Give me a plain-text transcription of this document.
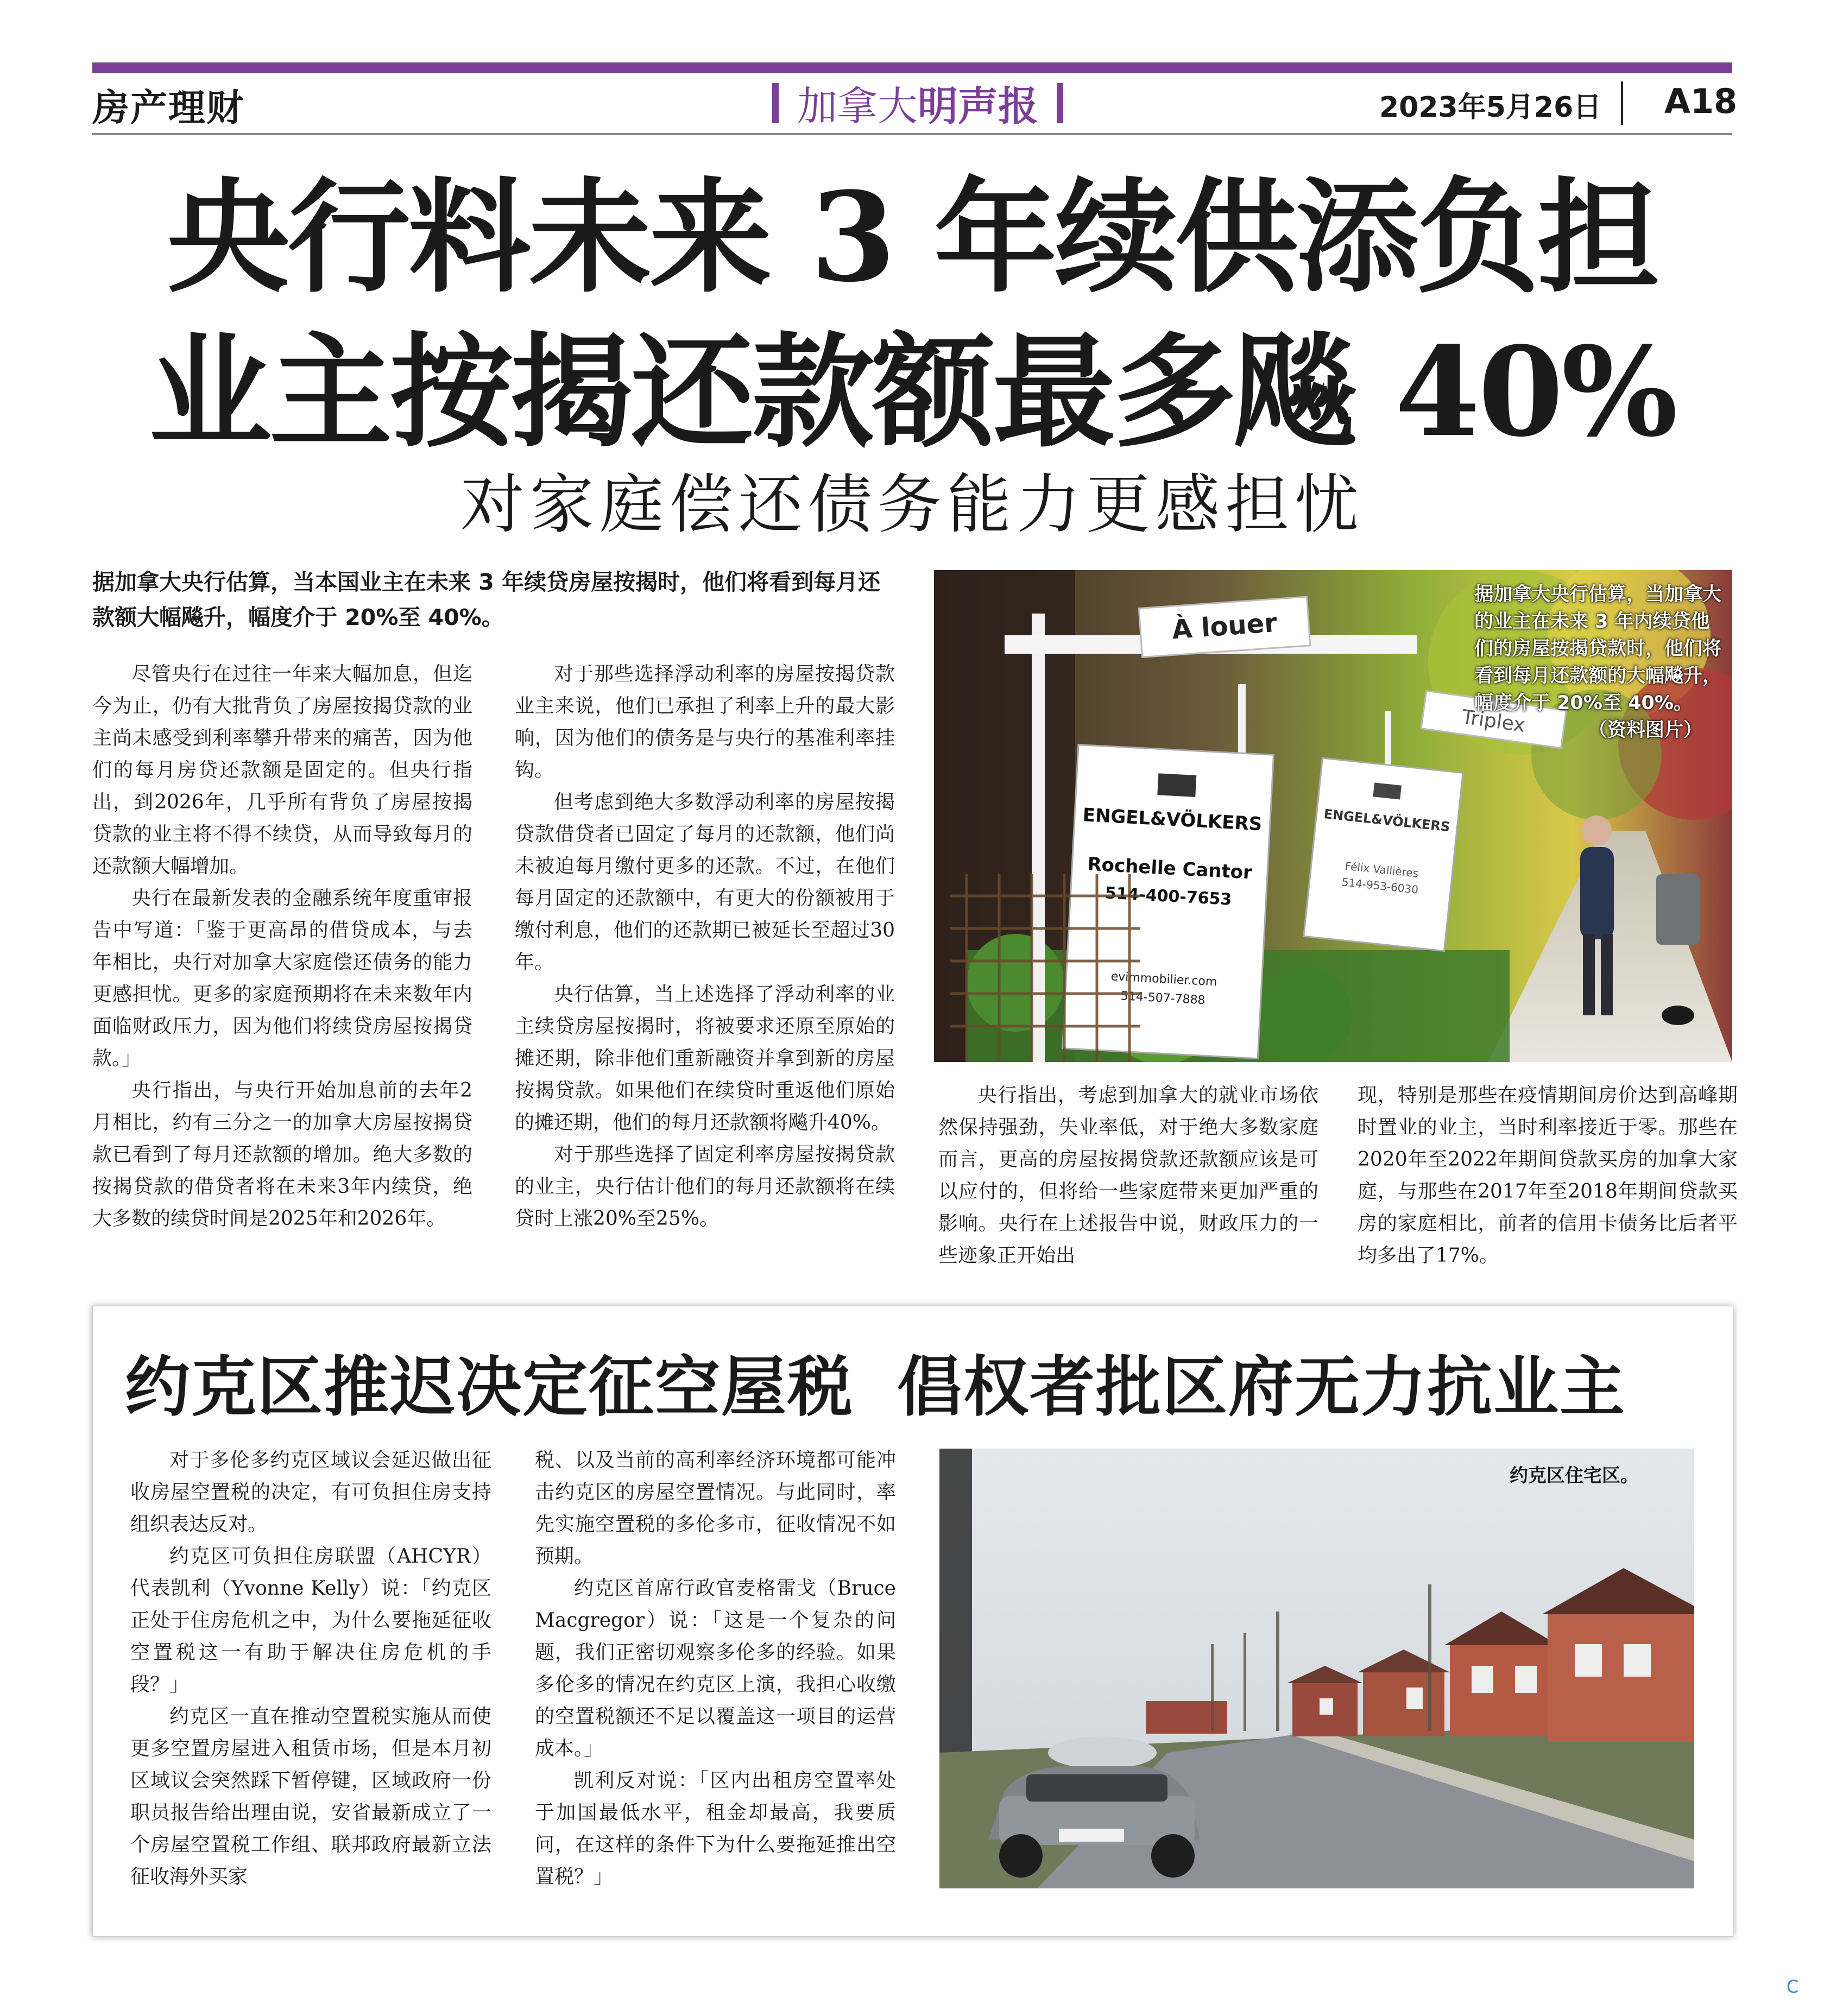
房产理财	加拿大 明声报	2023年5月26日 A18
央行料未来 3 年续供添负担
业主按揭还款额最多飚 40%
对家庭偿还债务能力更感担忧
据加拿大央行估算，当本国业主在未来 3 年续贷房屋按揭时，他们将看到每月还款额大幅飚升，幅度介于 20%至 40%。

尽管央行在过往一年来大幅加息，但迄今为止，仍有大批背负了房屋按揭贷款的业主尚未感受到利率攀升带来的痛苦，因为他们的每月房贷还款额是固定的。但央行指出，到2026年，几乎所有背负了房屋按揭贷款的业主将不得不续贷，从而导致每月的还款额大幅增加。

央行在最新发表的金融系统年度重审报告中写道：「鉴于更高昂的借贷成本，与去年相比，央行对加拿大家庭偿还债务的能力更感担忧。更多的家庭预期将在未来数年内面临财政压力，因为他们将续贷房屋按揭贷款。」

央行指出，与央行开始加息前的去年2月相比，约有三分之一的加拿大房屋按揭贷款已看到了每月还款额的增加。绝大多数的按揭贷款的借贷者将在未来3年内续贷，绝大多数的续贷时间是2025年和2026年。

对于那些选择浮动利率的房屋按揭贷款业主来说，他们已承担了利率上升的最大影响，因为他们的债务是与央行的基准利率挂钩。

但考虑到绝大多数浮动利率的房屋按揭贷款借贷者已固定了每月的还款额，他们尚未被迫每月缴付更多的还款。不过，在他们每月固定的还款额中，有更大的份额被用于缴付利息，他们的还款期已被延长至超过30年。

央行估算，当上述选择了浮动利率的业主续贷房屋按揭时，将被要求还原至原始的摊还期，除非他们重新融资并拿到新的房屋按揭贷款。如果他们在续贷时重返他们原始的摊还期，他们的每月还款额将飚升40%。

对于那些选择了固定利率房屋按揭贷款的业主，央行估计他们的每月还款额将在续贷时上涨20%至25%。

央行指出，考虑到加拿大的就业市场依然保持强劲，失业率低，对于绝大多数家庭而言，更高的房屋按揭贷款还款额应该是可以应付的，但将给一些家庭带来更加严重的影响。央行在上述报告中说，财政压力的一些迹象正开始出

现，特别是那些在疫情期间房价达到高峰期时置业的业主，当时利率接近于零。那些在2020年至2022年期间贷款买房的加拿大家庭，与那些在2017年至2018年期间贷款买房的家庭相比，前者的信用卡债务比后者平均多出了17%。

À louer
Triplex
ENGEL&VÖLKERS
Rochelle Cantor
514-400-7653
evimmobilier.com
514-507-7888
ENGEL&VÖLKERS
Félix Vallières
514-953-6030
据加拿大央行估算，当加拿大的业主在未来 3 年内续贷他们的房屋按揭贷款时，他们将看到每月还款额的大幅飚升，幅度介于 20%至 40%。
（资料图片）
约克区推迟决定征空屋税 倡权者批区府无力抗业主

对于多伦多约克区域议会延迟做出征收房屋空置税的决定，有可负担住房支持组织表达反对。

约克区可负担住房联盟（AHCYR）代表凯利（Yvonne Kelly）说：「约克区正处于住房危机之中，为什么要拖延征收空置税这一有助于解决住房危机的手段？」

约克区一直在推动空置税实施从而使更多空置房屋进入租赁市场，但是本月初区域议会突然踩下暂停键，区域政府一份职员报告给出理由说，安省最新成立了一个房屋空置税工作组、联邦政府最新立法征收海外买家

税、以及当前的高利率经济环境都可能冲击约克区的房屋空置情况。与此同时，率先实施空置税的多伦多市，征收情况不如预期。

约克区首席行政官麦格雷戈（Bruce Macgregor）说：「这是一个复杂的问题，我们正密切观察多伦多的经验。如果多伦多的情况在约克区上演，我担心收缴的空置税额还不足以覆盖这一项目的运营成本。」

凯利反对说：「区内出租房空置率处于加国最低水平，租金却最高，我要质问，在这样的条件下为什么要拖延推出空置税？」

约克区住宅区。
C
